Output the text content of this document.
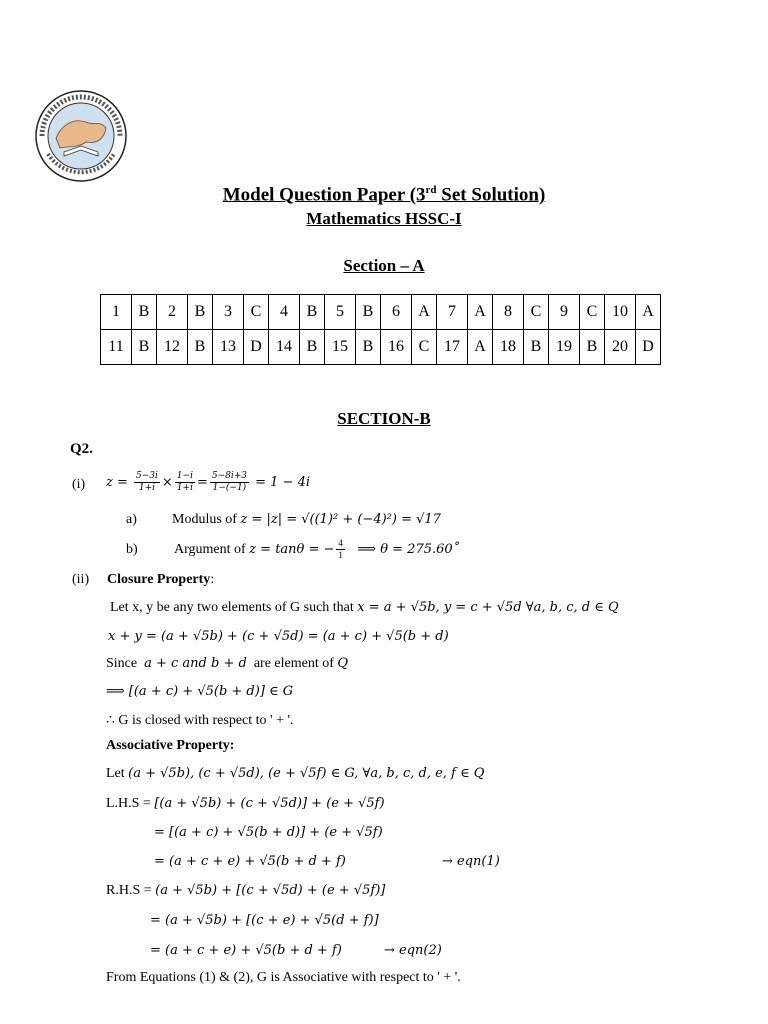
Model Question Paper (3rd Set Solution)
Mathematics HSSC-I
Section – A
1	B	2	B	3	C	4	B	5	B	6	A	7	A	8	C	9	C	10	A
11	B	12	B	13	D	14	B	15	B	16	C	17	A	18	B	19	B	20	D
SECTION-B
Q2.
(i) $z = \frac{5-3i}{1+i} \times \frac{1-i}{1+i} = \frac{5-8i+3}{1-(-1)} = 1 - 4i$
a)	Modulus of z = |z| = √((1)² + (−4)²) = √17
b)	Argument of z = tanθ = − $\frac{4}{1}$ ⟹ θ = 275.60˚
(ii) Closure Property:
Let x, y be any two elements of G such that x = a + √5b, y = c + √5d ∀a, b, c, d ∈ Q
x + y = (a + √5b) + (c + √5d) = (a + c) + √5(b + d)
Since a + c and b + d are element of Q
⟹ [(a + c) + √5(b + d)] ∈ G
∴ G is closed with respect to ' + '.
Associative Property:
Let (a + √5b), (c + √5d), (e + √5f) ∈ G, ∀a, b, c, d, e, f ∈ Q
L.H.S = [(a + √5b) + (c + √5d)] + (e + √5f)
= [(a + c) + √5(b + d)] + (e + √5f)
= (a + c + e) + √5(b + d + f)	→ eqn(1)
R.H.S = (a + √5b) + [(c + √5d) + (e + √5f)]
= (a + √5b) + [(c + e) + √5(d + f)]
= (a + c + e) + √5(b + d + f)	→ eqn(2)
From Equations (1) & (2), G is Associative with respect to ' + '.
